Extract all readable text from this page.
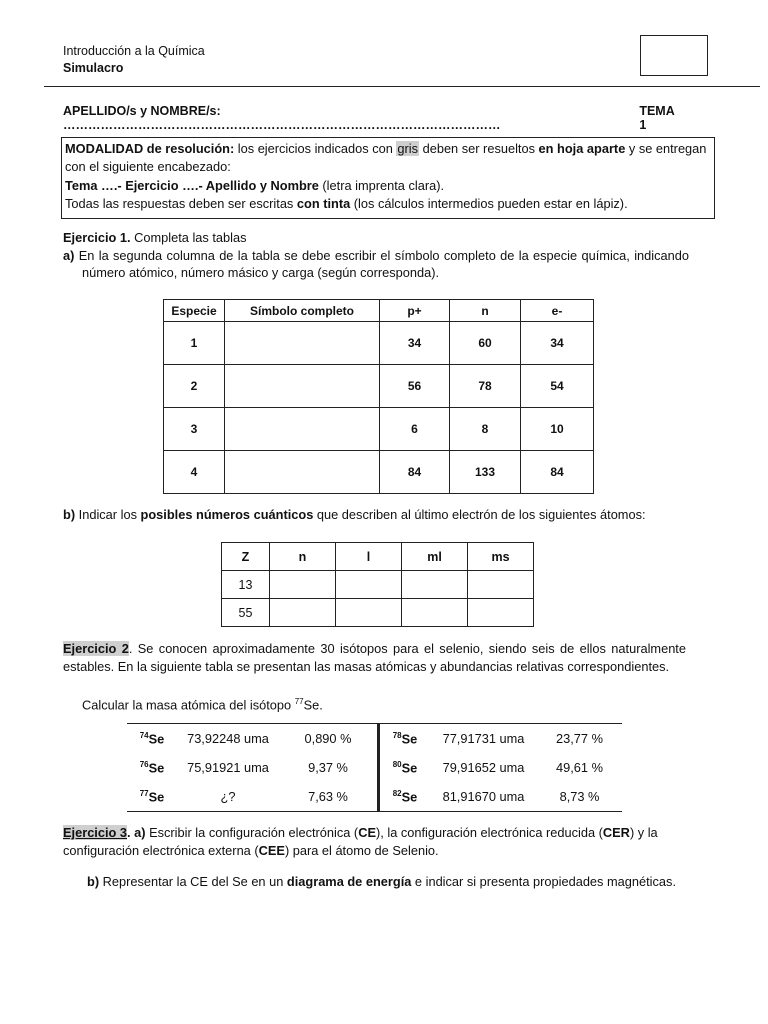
Introducción a la Química
Simulacro
APELLIDO/s y NOMBRE/s: ……………………………………………………………………………………………
TEMA 1
MODALIDAD de resolución: los ejercicios indicados con gris deben ser resueltos en hoja aparte y se entregan con el siguiente encabezado:
Tema ….- Ejercicio ….- Apellido y Nombre (letra imprenta clara).
Todas las respuestas deben ser escritas con tinta (los cálculos intermedios pueden estar en lápiz).
Ejercicio 1. Completa las tablas
a) En la segunda columna de la tabla se debe escribir el símbolo completo de la especie química, indicando número atómico, número másico y carga (según corresponda).
Especie	Símbolo completo	p+	n	e-
1		34	60	34
2		56	78	54
3		6	8	10
4		84	133	84
b) Indicar los posibles números cuánticos que describen al último electrón de los siguientes átomos:
Z	n	l	ml	ms
13				
55				
Ejercicio 2. Se conocen aproximadamente 30 isótopos para el selenio, siendo seis de ellos naturalmente estables. En la siguiente tabla se presentan las masas atómicas y abundancias relativas correspondientes.
Calcular la masa atómica del isótopo $^{77}$Se.
$^{74}$Se	73,92248 uma	0,890 %	$^{78}$Se	77,91731 uma	23,77 %
$^{76}$Se	75,91921 uma	9,37 %	$^{80}$Se	79,91652 uma	49,61 %
$^{77}$Se	¿?	7,63 %	$^{82}$Se	81,91670 uma	8,73 %
Ejercicio 3. a) Escribir la configuración electrónica (CE), la configuración electrónica reducida (CER) y la configuración electrónica externa (CEE) para el átomo de Selenio.
b) Representar la CE del Se en un diagrama de energía e indicar si presenta propiedades magnéticas.
